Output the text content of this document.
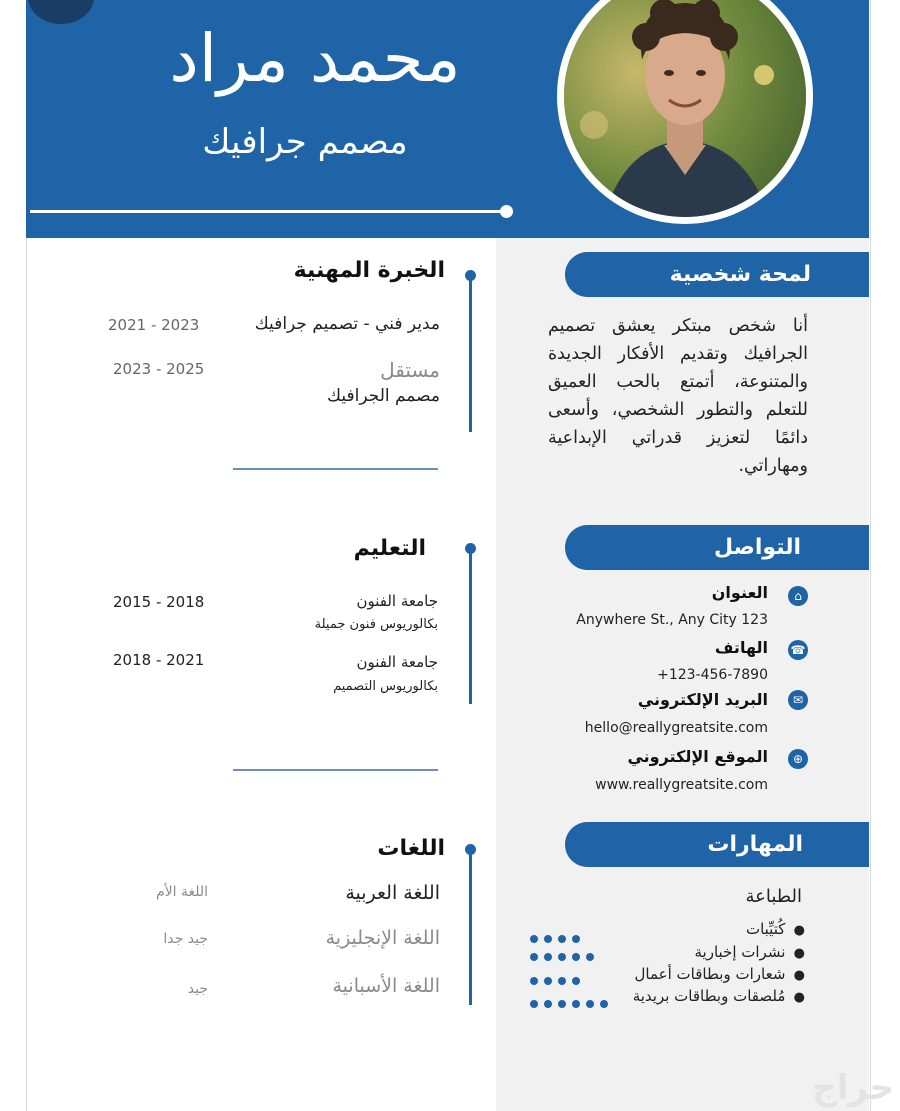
محمد مراد
مصمم جرافيك
الخبرة المهنية
مدير فني - تصميم جرافيك
2021 - 2023
مستقل
مصمم الجرافيك
2023 - 2025
التعليم
جامعة الفنون
بكالوريوس فنون جميلة
2015 - 2018
جامعة الفنون
بكالوريوس التصميم
2018 - 2021
اللغات
اللغة العربية
اللغة الأم
اللغة الإنجليزية
جيد جدا
اللغة الأسبانية
جيد
لمحة شخصية
أنا شخص مبتكر يعشق تصميم الجرافيك وتقديم الأفكار الجديدة والمتنوعة، أتمتع بالحب العميق للتعلم والتطور الشخصي، وأسعى دائمًا لتعزيز قدراتي الإبداعية ومهاراتي.
التواصل
⌂
العنوان
Anywhere St., Any City 123
☎
الهاتف
+123-456-7890
✉
البريد الإلكتروني
hello@reallygreatsite.com
⊕
الموقع الإلكتروني
www.reallygreatsite.com
المهارات
الطباعة
●  كُتيِّبات
●  نشرات إخبارية
●  شعارات وبطاقات أعمال
●  مُلصقات وبطاقات بريدية
حراج
